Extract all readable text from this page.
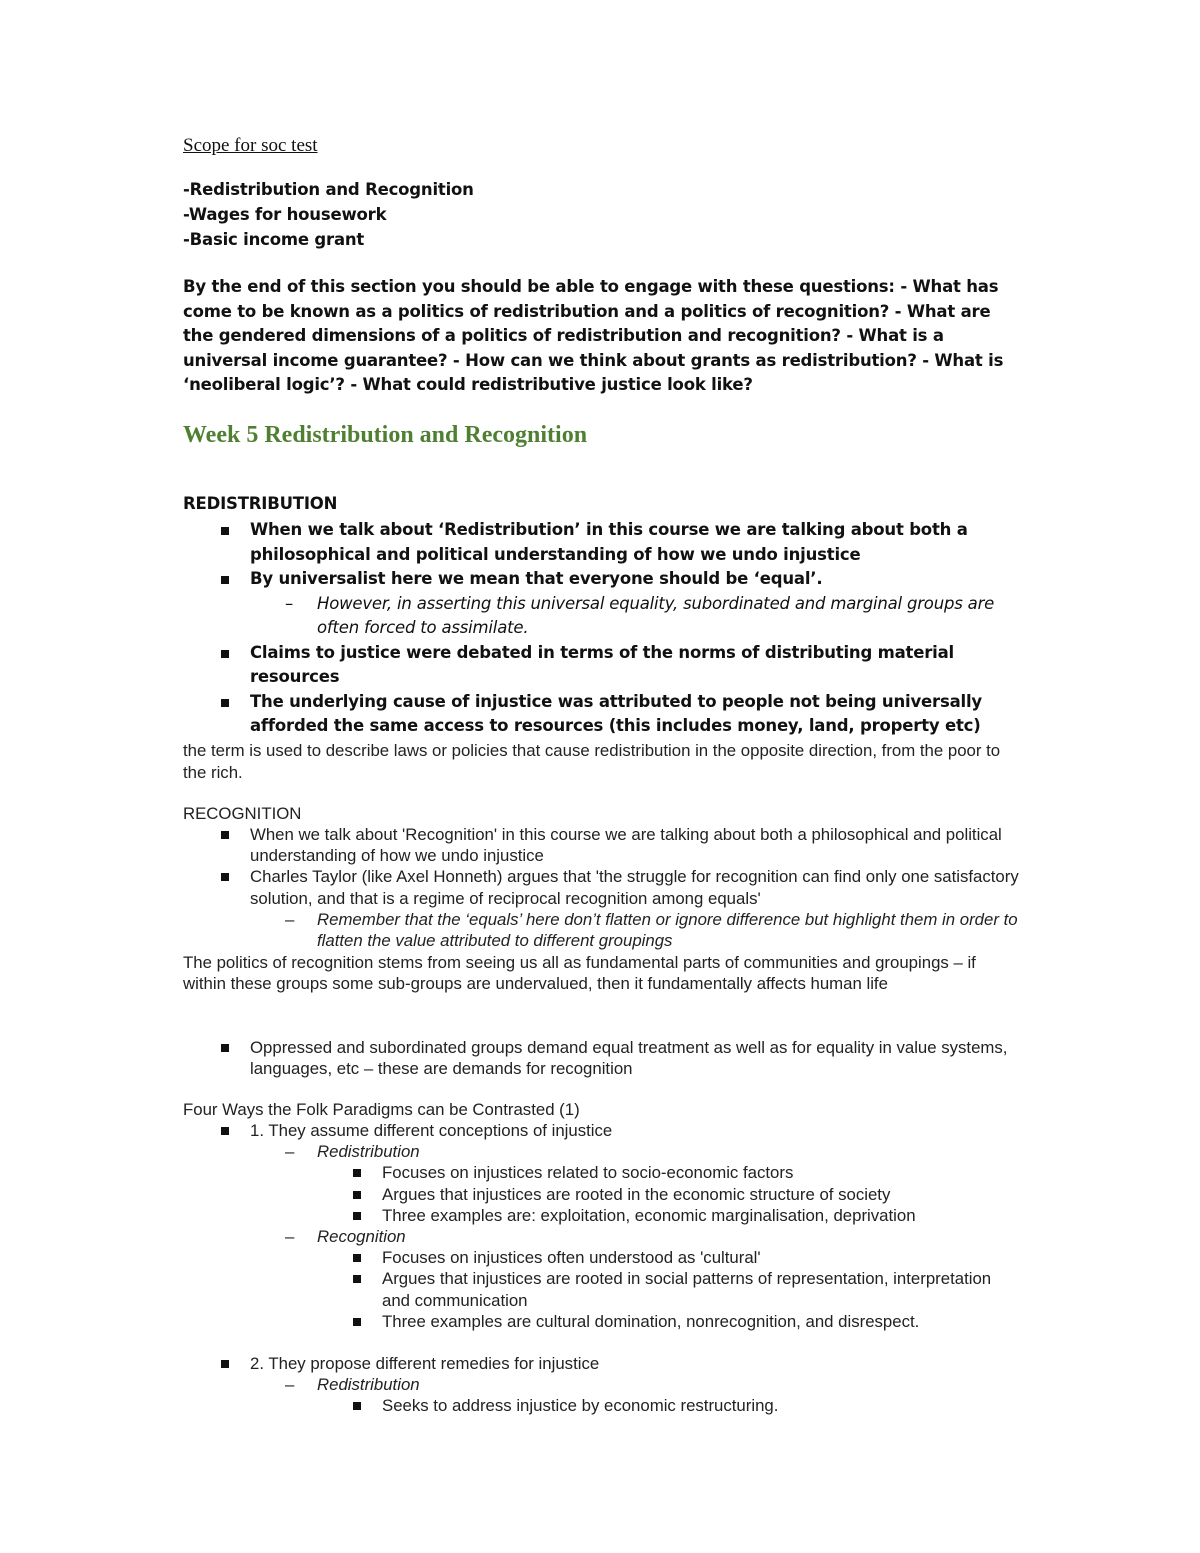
Scope for soc test
-Redistribution and Recognition
-Wages for housework
-Basic income grant
By the end of this section you should be able to engage with these questions: - What has come to be known as a politics of redistribution and a politics of recognition? - What are the gendered dimensions of a politics of redistribution and recognition? - What is a universal income guarantee? - How can we think about grants as redistribution? - What is ‘neoliberal logic’? - What could redistributive justice look like?
Week 5 Redistribution and Recognition
REDISTRIBUTION
When we talk about ‘Redistribution’ in this course we are talking about both a philosophical and political understanding of how we undo injustice
By universalist here we mean that everyone should be ‘equal’.
– However, in asserting this universal equality, subordinated and marginal groups are often forced to assimilate.
Claims to justice were debated in terms of the norms of distributing material resources
The underlying cause of injustice was attributed to people not being universally afforded the same access to resources (this includes money, land, property etc)
the term is used to describe laws or policies that cause redistribution in the opposite direction, from the poor to the rich.
RECOGNITION
When we talk about 'Recognition' in this course we are talking about both a philosophical and political understanding of how we undo injustice
Charles Taylor (like Axel Honneth) argues that 'the struggle for recognition can find only one satisfactory solution, and that is a regime of reciprocal recognition among equals'
– Remember that the ‘equals’ here don’t flatten or ignore difference but highlight them in order to flatten the value attributed to different groupings
The politics of recognition stems from seeing us all as fundamental parts of communities and groupings – if within these groups some sub-groups are undervalued, then it fundamentally affects human life
Oppressed and subordinated groups demand equal treatment as well as for equality in value systems, languages, etc – these are demands for recognition
Four Ways the Folk Paradigms can be Contrasted (1)
1. They assume different conceptions of injustice
– Redistribution
Focuses on injustices related to socio-economic factors
Argues that injustices are rooted in the economic structure of society
Three examples are: exploitation, economic marginalisation, deprivation
– Recognition
Focuses on injustices often understood as 'cultural'
Argues that injustices are rooted in social patterns of representation, interpretation and communication
Three examples are cultural domination, nonrecognition, and disrespect.
2. They propose different remedies for injustice
– Redistribution
Seeks to address injustice by economic restructuring.
